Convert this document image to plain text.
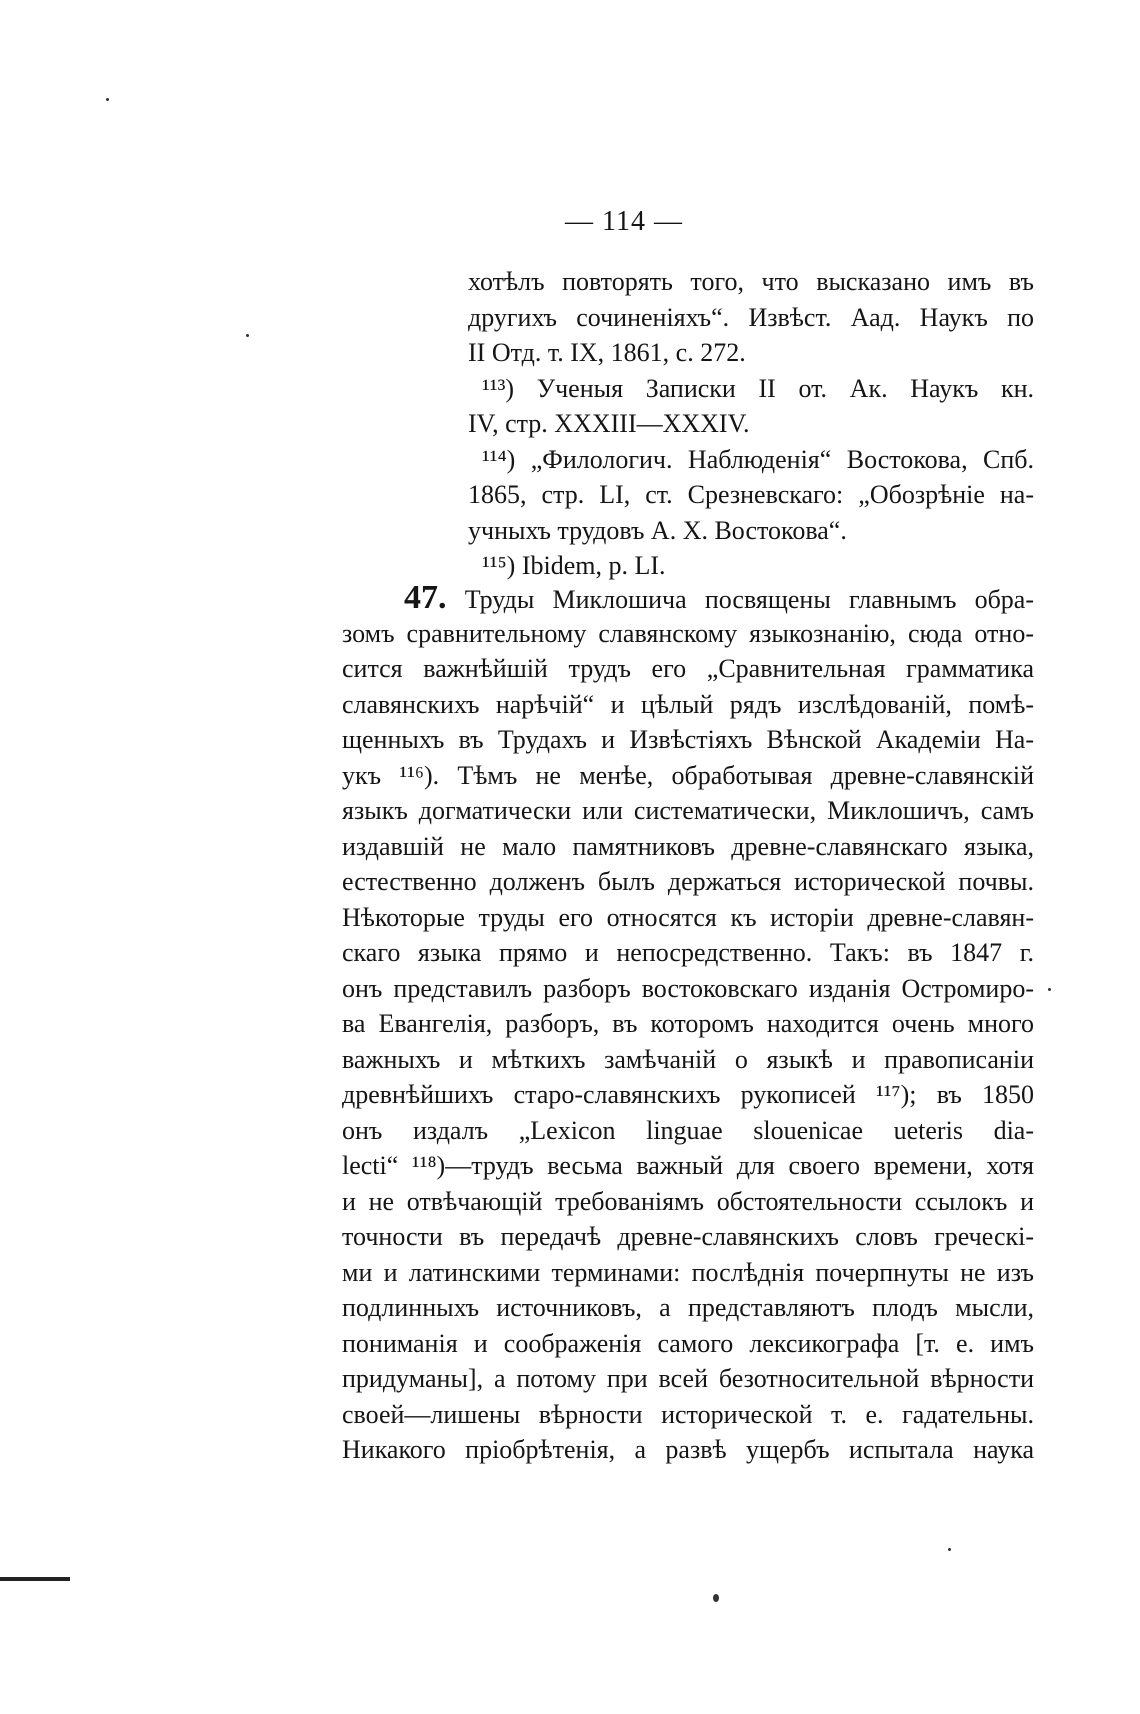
— 114 —
хотѣлъ повторять того, что высказано имъ въ
другихъ сочиненіяхъ“. Извѣст. Аад. Наукъ по
II Отд. т. IX, 1861, с. 272.
¹¹³) Ученыя Записки II от. Ак. Наукъ кн.
IV, стр. XXXIII—XXXIV.
¹¹⁴) „Филологич. Наблюденія“ Востокова, Спб.
1865, стр. LI, ст. Срезневскаго: „Обозрѣніе на-
учныхъ трудовъ А. Х. Востокова“.
¹¹⁵) Ibidem, p. LI.
47. Труды Миклошича посвящены главнымъ обра-
зомъ сравнительному славянскому языкознанію, сюда отно-
сится важнѣйшій трудъ его „Сравнительная грамматика
славянскихъ нарѣчій“ и цѣлый рядъ изслѣдованій, помѣ-
щенныхъ въ Трудахъ и Извѣстіяхъ Вѣнской Академіи На-
укъ ¹¹⁶). Тѣмъ не менѣе, обработывая древне-славянскій
языкъ догматически или систематически, Миклошичъ, самъ
издавшій не мало памятниковъ древне-славянскаго языка,
естественно долженъ былъ держаться исторической почвы.
Нѣкоторые труды его относятся къ исторіи древне-славян-
скаго языка прямо и непосредственно. Такъ: въ 1847 г.
онъ представилъ разборъ востоковскаго изданія Остромиро-
ва Евангелія, разборъ, въ которомъ находится очень много
важныхъ и мѣткихъ замѣчаній о языкѣ и правописаніи
древнѣйшихъ старо-славянскихъ рукописей ¹¹⁷); въ 1850
онъ издалъ „Lexicon linguae slouenicae ueteris dia-
lecti“ ¹¹⁸)—трудъ весьма важный для своего времени, хотя
и не отвѣчающій требованіямъ обстоятельности ссылокъ и
точности въ передачѣ древне-славянскихъ словъ греческі-
ми и латинскими терминами: послѣднія почерпнуты не изъ
подлинныхъ источниковъ, а представляютъ плодъ мысли,
пониманія и соображенія самого лексикографа [т. е. имъ
придуманы], а потому при всей безотносительной вѣрности
своей—лишены вѣрности исторической т. е. гадательны.
Никакого пріобрѣтенія, а развѣ ущербъ испытала наука
